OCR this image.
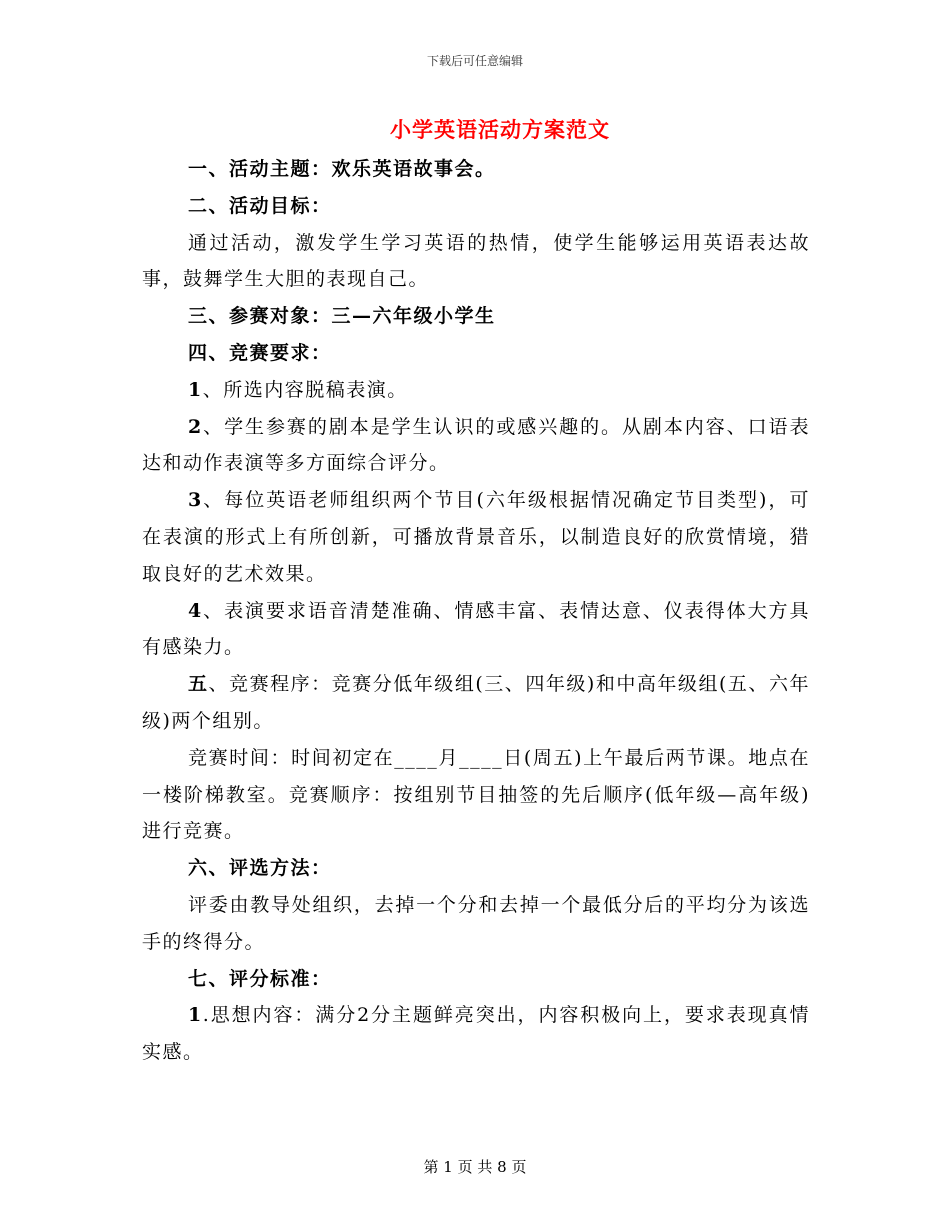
下载后可任意编辑
小学英语活动方案范文

一、活动主题：欢乐英语故事会。

二、活动目标：

通过活动，激发学生学习英语的热情，使学生能够运用英语表达故事，鼓舞学生大胆的表现自己。

三、参赛对象：三—六年级小学生

四、竞赛要求：

1、所选内容脱稿表演。

2、学生参赛的剧本是学生认识的或感兴趣的。从剧本内容、口语表达和动作表演等多方面综合评分。

3、每位英语老师组织两个节目(六年级根据情况确定节目类型)，可在表演的形式上有所创新，可播放背景音乐，以制造良好的欣赏情境，猎取良好的艺术效果。

4、表演要求语音清楚准确、情感丰富、表情达意、仪表得体大方具有感染力。

五、竞赛程序：竞赛分低年级组(三、四年级)和中高年级组(五、六年级)两个组别。

竞赛时间：时间初定在____月____日(周五)上午最后两节课。地点在一楼阶梯教室。竞赛顺序：按组别节目抽签的先后顺序(低年级—高年级)进行竞赛。

六、评选方法：

评委由教导处组织，去掉一个分和去掉一个最低分后的平均分为该选手的终得分。

七、评分标准：

1.思想内容：满分2分主题鲜亮突出，内容积极向上，要求表现真情实感。

第 1 页 共 8 页
